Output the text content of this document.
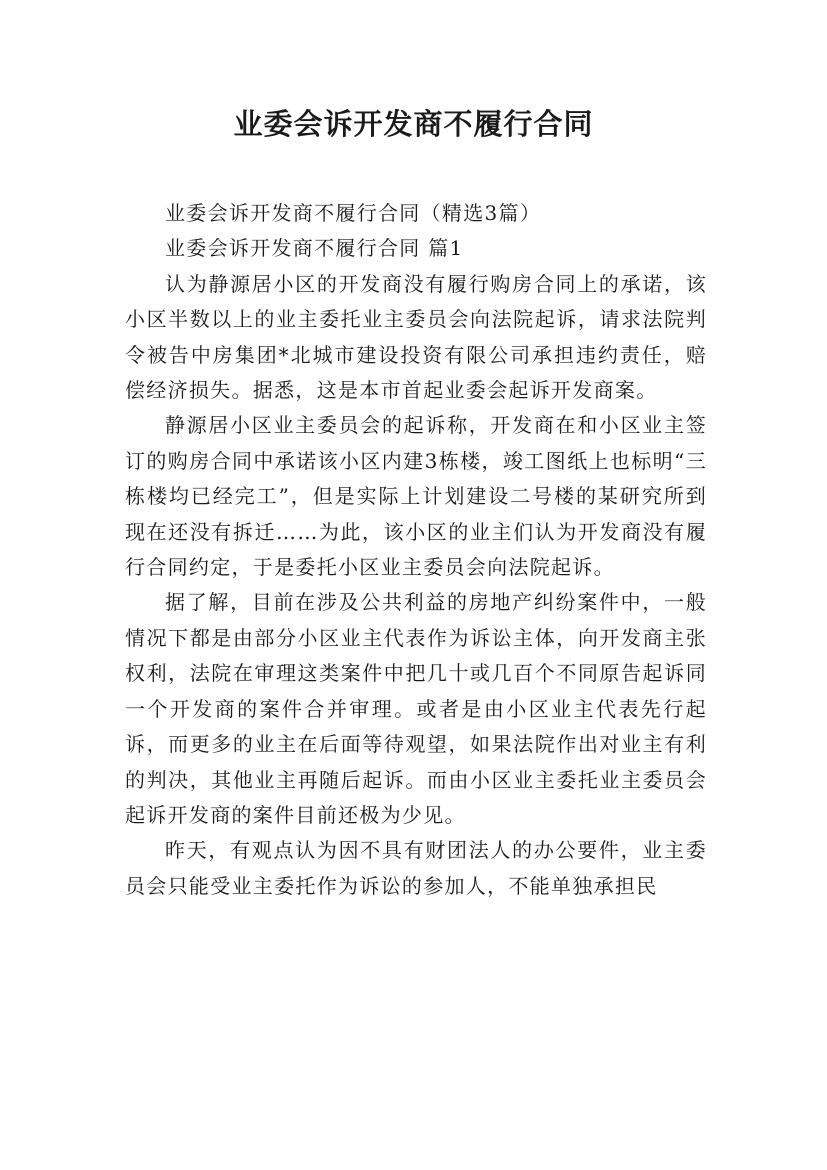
业委会诉开发商不履行合同

业委会诉开发商不履行合同（精选3篇）

业委会诉开发商不履行合同 篇1

认为静源居小区的开发商没有履行购房合同上的承诺，该小区半数以上的业主委托业主委员会向法院起诉，请求法院判令被告中房集团*北城市建设投资有限公司承担违约责任，赔偿经济损失。据悉，这是本市首起业委会起诉开发商案。

静源居小区业主委员会的起诉称，开发商在和小区业主签订的购房合同中承诺该小区内建3栋楼，竣工图纸上也标明“三栋楼均已经完工”，但是实际上计划建设二号楼的某研究所到现在还没有拆迁……为此，该小区的业主们认为开发商没有履行合同约定，于是委托小区业主委员会向法院起诉。

据了解，目前在涉及公共利益的房地产纠纷案件中，一般情况下都是由部分小区业主代表作为诉讼主体，向开发商主张权利，法院在审理这类案件中把几十或几百个不同原告起诉同一个开发商的案件合并审理。或者是由小区业主代表先行起诉，而更多的业主在后面等待观望，如果法院作出对业主有利的判决，其他业主再随后起诉。而由小区业主委托业主委员会起诉开发商的案件目前还极为少见。

昨天，有观点认为因不具有财团法人的办公要件，业主委员会只能受业主委托作为诉讼的参加人，不能单独承担民
